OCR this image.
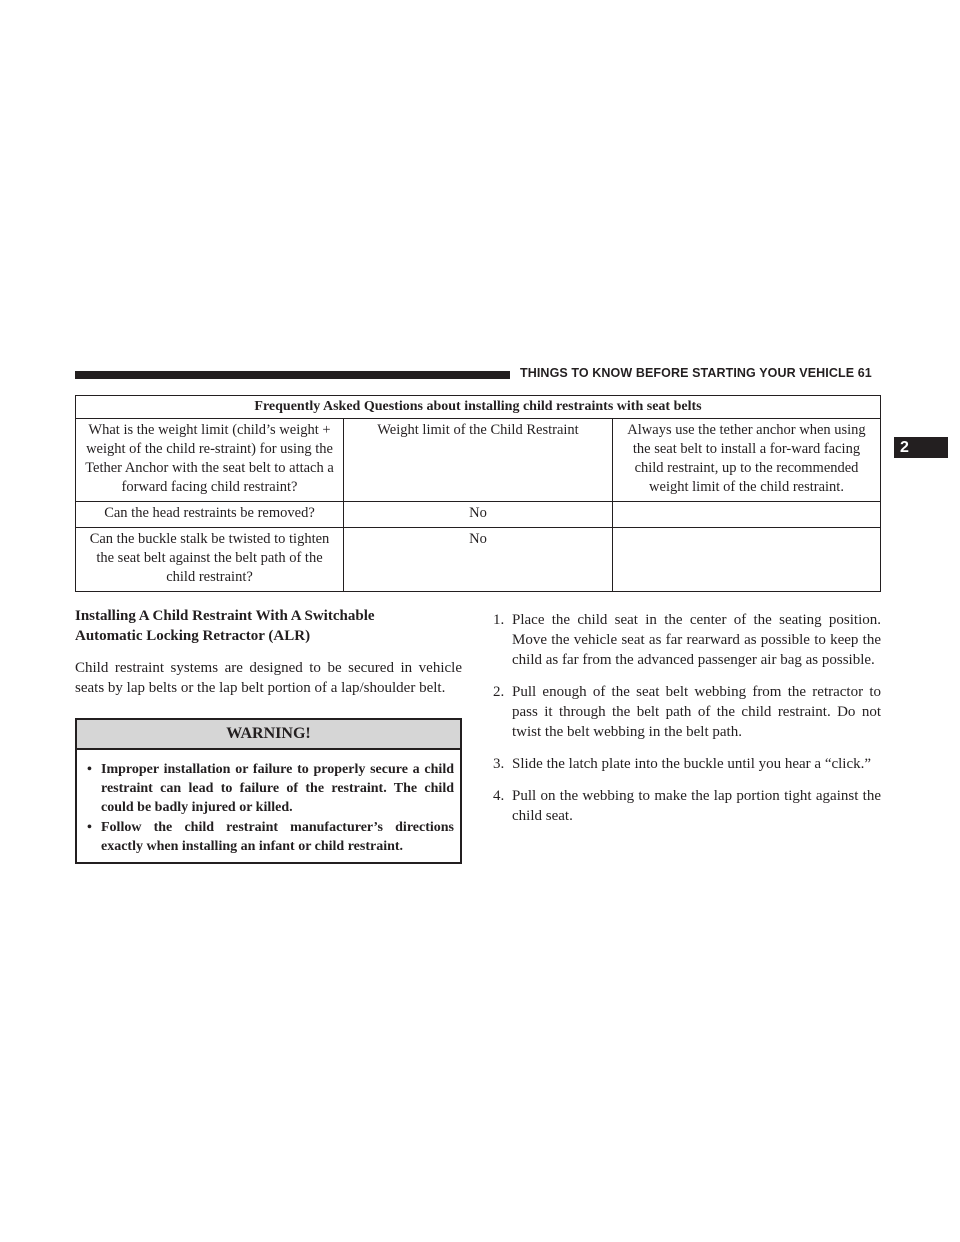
THINGS TO KNOW BEFORE STARTING YOUR VEHICLE 61
2
Frequently Asked Questions about installing child restraints with seat belts		
What is the weight limit (child’s weight + weight of the child re-straint) for using the Tether Anchor with the seat belt to attach a forward facing child restraint?	Weight limit of the Child Restraint	Always use the tether anchor when using the seat belt to install a for-ward facing child restraint, up to the recommended weight limit of the child restraint.
Can the head restraints be removed?	No	
Can the buckle stalk be twisted to tighten the seat belt against the belt path of the child restraint?	No	

Installing A Child Restraint With A Switchable
Automatic Locking Retractor (ALR)

Child restraint systems are designed to be secured in vehicle seats by lap belts or the lap belt portion of a lap/shoulder belt.

WARNING!
• Improper installation or failure to properly secure a child restraint can lead to failure of the restraint. The child could be badly injured or killed.
• Follow the child restraint manufacturer’s directions exactly when installing an infant or child restraint.
1. Place the child seat in the center of the seating position. Move the vehicle seat as far rearward as possible to keep the child as far from the advanced passenger air bag as possible.
2. Pull enough of the seat belt webbing from the retractor to pass it through the belt path of the child restraint. Do not twist the belt webbing in the belt path.
3. Slide the latch plate into the buckle until you hear a “click.”
4. Pull on the webbing to make the lap portion tight against the child seat.
